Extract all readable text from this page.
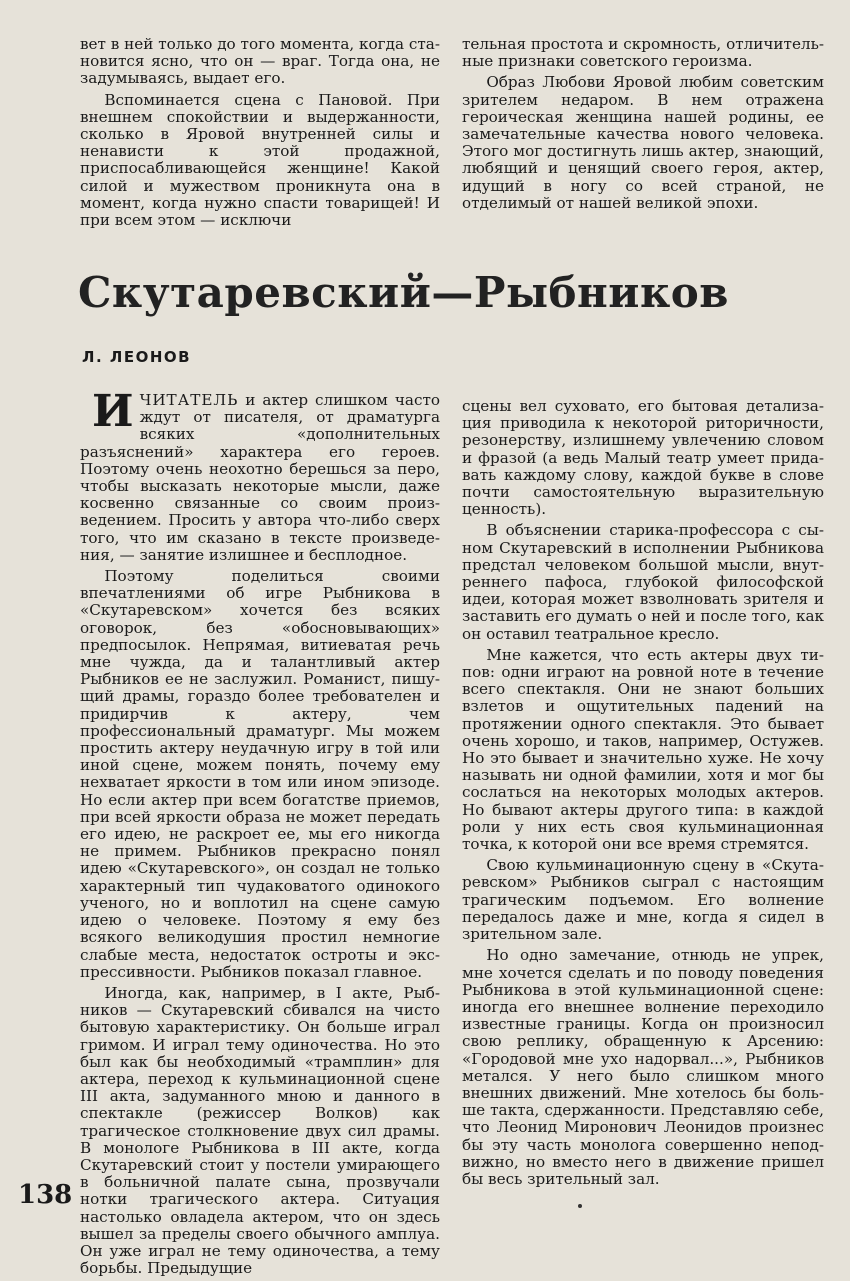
вет в ней только до того момента, когда становится ясно, что он — враг. Тогда она, не задумываясь, выдает его.

Вспоминается сцена с Пановой. При внешнем спокойствии и выдержанности, сколько в Яровой внутренней силы и ненависти к этой продажной, приспосабливающейся женщине! Какой силой и мужеством проникнута она в момент, когда нужно спасти товарищей! И при всем этом — исключи

тельная простота и скромность, отличительные признаки советского героизма.

Образ Любови Яровой любим советским зрителем недаром. В нем отражена героическая женщина нашей родины, ее замечательные качества нового человека. Этого мог достигнуть лишь актер, знающий, любящий и ценящий своего героя, актер, идущий в ногу со всей страной, не отделимый от нашей великой эпохи.

Скутаревский—Рыбников
Л. ЛЕОНОВ

ИЧИТАТЕЛЬ и актер слишком часто ждут от писателя, от драматурга всяких «дополнительных разъяснений» характера его героев. Поэтому очень неохотно берешься за перо, чтобы высказать некоторые мысли, даже косвенно связанные со своим произведением. Просить у автора что-либо сверх того, что им сказано в тексте произведения, — занятие излишнее и бесплодное.

Поэтому поделиться своими впечатлениями об игре Рыбникова в «Скутаревском» хочется без всяких оговорок, без «обосновывающих» предпосылок. Непрямая, витиеватая речь мне чужда, да и талантливый актер Рыбников ее не заслужил. Романист, пишущий драмы, гораздо более требователен и придирчив к актеру, чем профессиональный драматург. Мы можем простить актеру неудачную игру в той или иной сцене, можем понять, почему ему нехватает яркости в том или ином эпизоде. Но если актер при всем богатстве приемов, при всей яркости образа не может передать его идею, не раскроет ее, мы его никогда не примем. Рыбников прекрасно понял идею «Скутаревского», он создал не только характерный тип чудаковатого одинокого ученого, но и воплотил на сцене самую идею о человеке. Поэтому я ему без всякого великодушия простил немногие слабые места, недостаток остроты и экспрессивности. Рыбников показал главное.

Иногда, как, например, в I акте, Рыбников — Скутаревский сбивался на чисто бытовую характеристику. Он больше играл гримом. И играл тему одиночества. Но это был как бы необходимый «трамплин» для актера, переход к кульминационной сцене III акта, задуманного мною и данного в спектакле (режиссер Волков) как трагическое столкновение двух сил драмы. В монологе Рыбникова в III акте, когда Скутаревский стоит у постели умирающего в больничной палате сына, прозвучали нотки трагического актера. Ситуация настолько овладела актером, что он здесь вышел за пределы своего обычного амплуа. Он уже играл не тему одиночества, а тему борьбы. Предыдущие

сцены вел суховато, его бытовая детализация приводила к некоторой риторичности, резонерству, излишнему увлечению словом и фразой (а ведь Малый театр умеет придавать каждому слову, каждой букве в слове почти самостоятельную выразительную ценность).

В объяснении старика-профессора с сыном Скутаревский в исполнении Рыбникова предстал человеком большой мысли, внутреннего пафоса, глубокой философской идеи, которая может взволновать зрителя и заставить его думать о ней и после того, как он оставил театральное кресло.

Мне кажется, что есть актеры двух типов: одни играют на ровной ноте в течение всего спектакля. Они не знают больших взлетов и ощутительных падений на протяжении одного спектакля. Это бывает очень хорошо, и таков, например, Остужев. Но это бывает и значительно хуже. Не хочу называть ни одной фамилии, хотя и мог бы сослаться на некоторых молодых актеров. Но бывают актеры другого типа: в каждой роли у них есть своя кульминационная точка, к которой они все время стремятся.

Свою кульминационную сцену в «Скутаревском» Рыбников сыграл с настоящим трагическим подъемом. Его волнение передалось даже и мне, когда я сидел в зрительном зале.

Но одно замечание, отнюдь не упрек, мне хочется сделать и по поводу поведения Рыбникова в этой кульминационной сцене: иногда его внешнее волнение переходило известные границы. Когда он произносил свою реплику, обращенную к Арсению: «Городовой мне ухо надорвал...», Рыбников метался. У него было слишком много внешних движений. Мне хотелось бы больше такта, сдержанности. Представляю себе, что Леонид Миронович Леонидов произнес бы эту часть монолога совершенно неподвижно, но вместо него в движение пришел бы весь зрительный зал.

138
